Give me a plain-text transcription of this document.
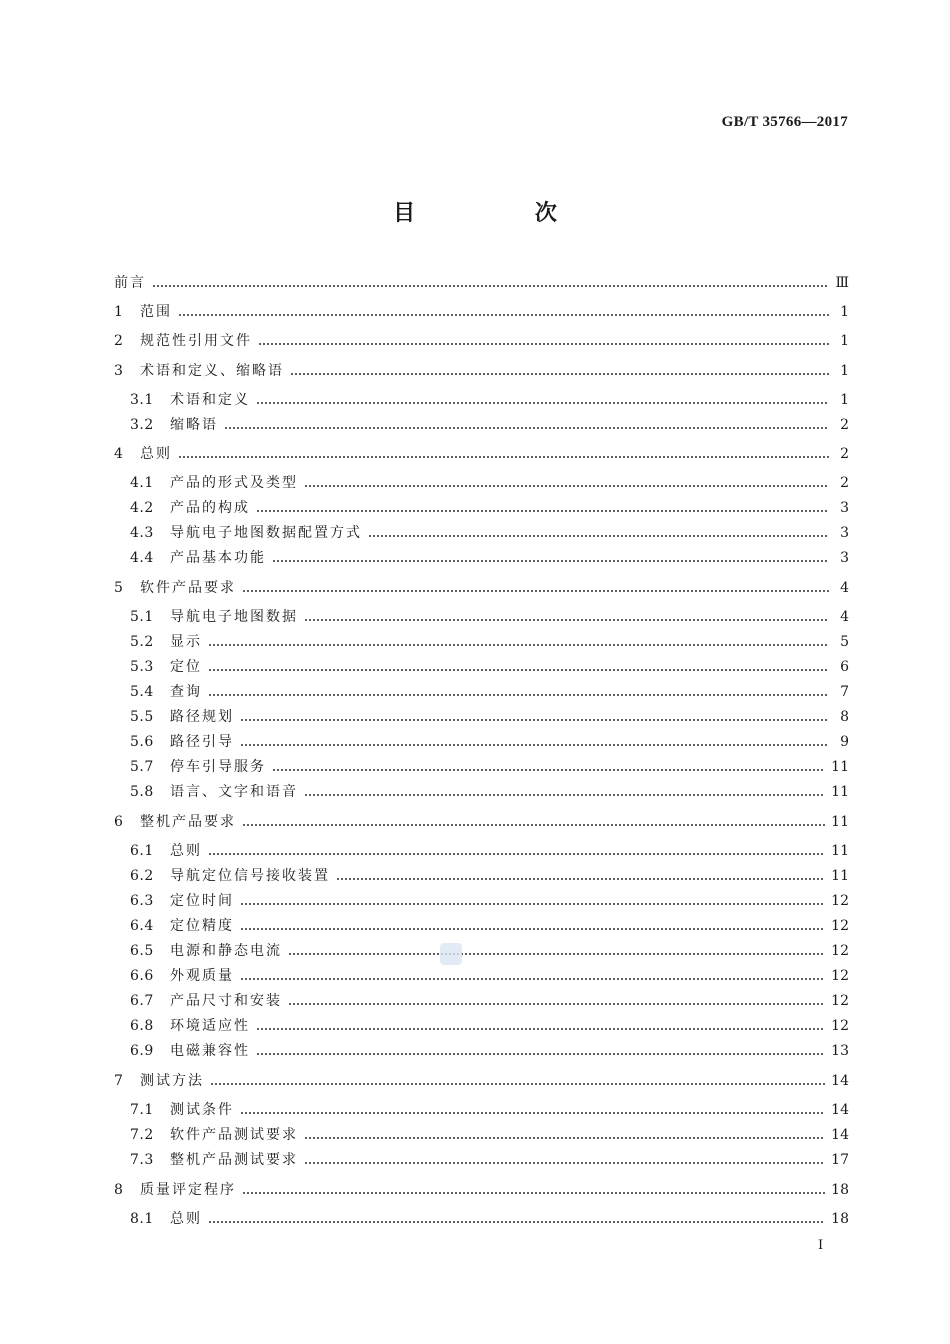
GB/T 35766—2017
目 次
前言	Ⅲ
1	范围	1
2	规范性引用文件	1
3	术语和定义、缩略语	1
3.1	术语和定义	1
3.2	缩略语	2
4	总则	2
4.1	产品的形式及类型	2
4.2	产品的构成	3
4.3	导航电子地图数据配置方式	3
4.4	产品基本功能	3
5	软件产品要求	4
5.1	导航电子地图数据	4
5.2	显示	5
5.3	定位	6
5.4	查询	7
5.5	路径规划	8
5.6	路径引导	9
5.7	停车引导服务	11
5.8	语言、文字和语音	11
6	整机产品要求	11
6.1	总则	11
6.2	导航定位信号接收装置	11
6.3	定位时间	12
6.4	定位精度	12
6.5	电源和静态电流	12
6.6	外观质量	12
6.7	产品尺寸和安装	12
6.8	环境适应性	12
6.9	电磁兼容性	13
7	测试方法	14
7.1	测试条件	14
7.2	软件产品测试要求	14
7.3	整机产品测试要求	17
8	质量评定程序	18
8.1	总则	18
Ⅰ
